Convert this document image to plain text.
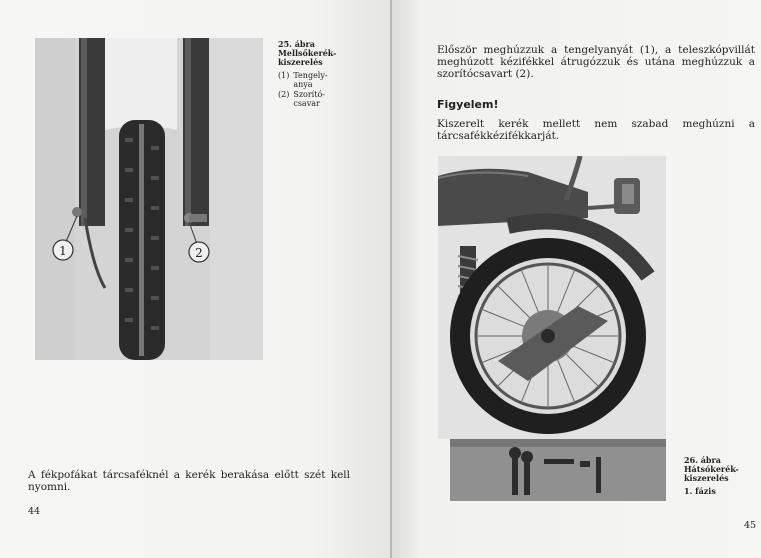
1	2
25. ábra
Mellsőkerék-
kiszerelés
(1) Tengely-
anya
(2) Szorító-
csavar
A fékpofákat tárcsaféknél a kerék berakása előtt szét kell nyomni.
44
Először meghúzzuk a tengelyanyát (1), a teleszkópvillát meghúzott kézifékkel átrugózzuk és utána meghúzzuk a szorítócsavart (2).
Figyelem!
Kiszerelt kerék mellett nem szabad meghúzni a tárcsafékkézifékkarját.
26. ábra
Hátsókerék-
kiszerelés
1. fázis
45
